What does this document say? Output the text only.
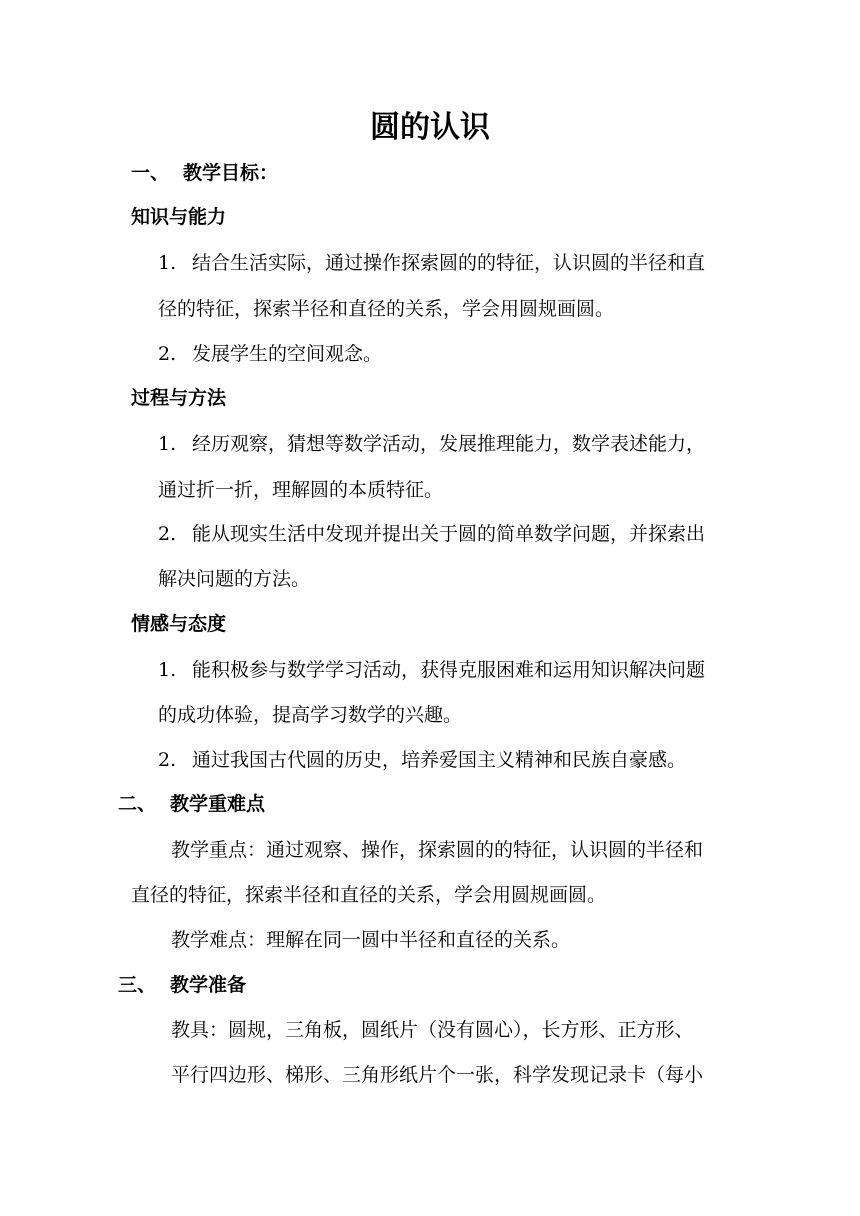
圆的认识
一、 教学目标：
知识与能力
1. 结合生活实际，通过操作探索圆的的特征，认识圆的半径和直
径的特征，探索半径和直径的关系，学会用圆规画圆。
2. 发展学生的空间观念。
过程与方法
1. 经历观察，猜想等数学活动，发展推理能力，数学表述能力，
通过折一折，理解圆的本质特征。
2. 能从现实生活中发现并提出关于圆的简单数学问题，并探索出
解决问题的方法。
情感与态度
1. 能积极参与数学学习活动，获得克服困难和运用知识解决问题
的成功体验，提高学习数学的兴趣。
2. 通过我国古代圆的历史，培养爱国主义精神和民族自豪感。
二、 教学重难点
教学重点：通过观察、操作，探索圆的的特征，认识圆的半径和
直径的特征，探索半径和直径的关系，学会用圆规画圆。
教学难点：理解在同一圆中半径和直径的关系。
三、 教学准备
教具：圆规，三角板，圆纸片（没有圆心），长方形、正方形、
平行四边形、梯形、三角形纸片个一张，科学发现记录卡（每小
